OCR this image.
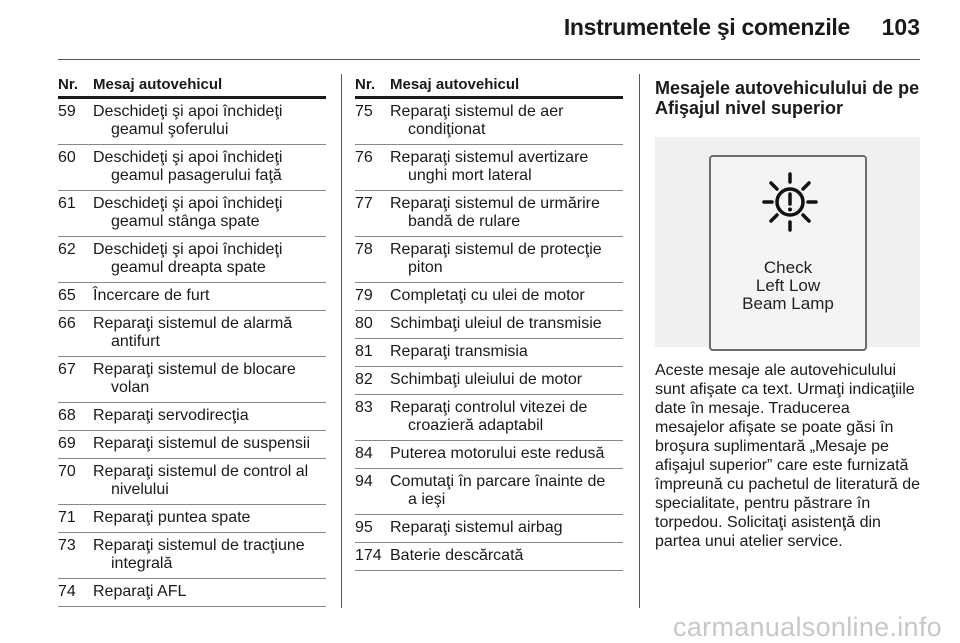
Instrumentele şi comenzile 103
Nr. Mesaj autovehicul
59	Deschideţi şi apoi închideţi
geamul şoferului
60	Deschideţi şi apoi închideţi
geamul pasagerului faţă
61	Deschideţi şi apoi închideţi
geamul stânga spate
62	Deschideţi şi apoi închideţi
geamul dreapta spate
65	Încercare de furt
66	Reparaţi sistemul de alarmă
antifurt
67	Reparaţi sistemul de blocare
volan
68	Reparaţi servodirecţia
69	Reparaţi sistemul de suspensii
70	Reparaţi sistemul de control al
nivelului
71	Reparaţi puntea spate
73	Reparaţi sistemul de tracţiune
integrală
74	Reparaţi AFL
Nr. Mesaj autovehicul
75	Reparaţi sistemul de aer
condiţionat
76	Reparaţi sistemul avertizare
unghi mort lateral
77	Reparaţi sistemul de urmărire
bandă de rulare
78	Reparaţi sistemul de protecţie
piton
79	Completaţi cu ulei de motor
80	Schimbaţi uleiul de transmisie
81	Reparaţi transmisia
82	Schimbaţi uleiului de motor
83	Reparaţi controlul vitezei de
croazieră adaptabil
84	Puterea motorului este redusă
94	Comutaţi în parcare înainte de
a ieşi
95	Reparaţi sistemul airbag
174 Baterie descărcată
Mesajele autovehiculului de pe
Afişajul nivel superior
Check
Left Low
Beam Lamp
Aceste mesaje ale autovehiculului
sunt afişate ca text. Urmaţi indicaţiile
date în mesaje. Traducerea
mesajelor afişate se poate găsi în
broşura suplimentară „Mesaje pe
afişajul superior” care este furnizată
împreună cu pachetul de literatură de
specialitate, pentru păstrare în
torpedou. Solicitaţi asistenţă din
partea unui atelier service.
carmanualsonline.info
